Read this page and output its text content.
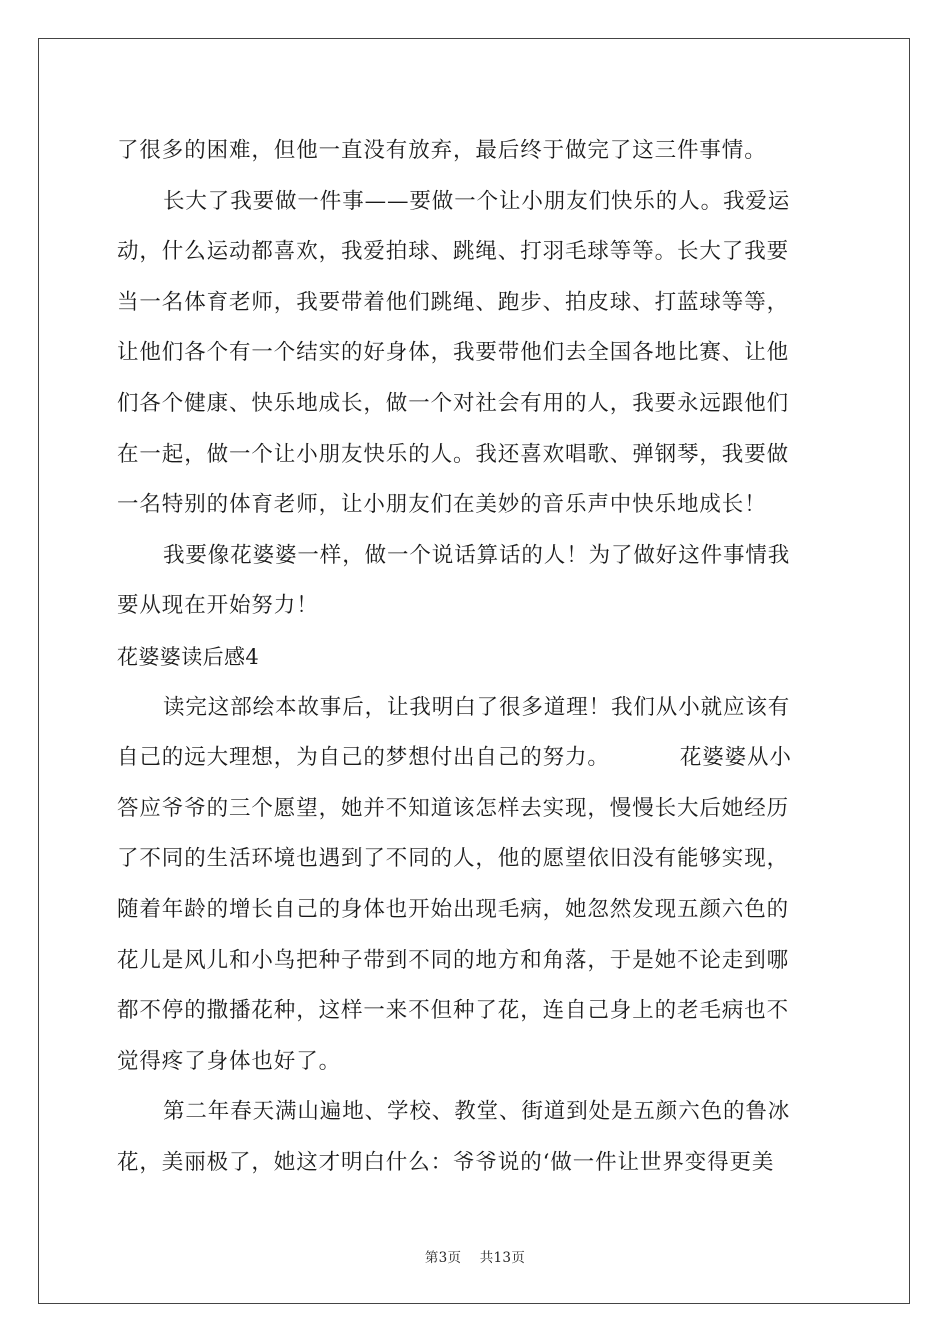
了很多的困难，但他一直没有放弃，最后终于做完了这三件事情。
长大了我要做一件事——要做一个让小朋友们快乐的人。我爱运
动，什么运动都喜欢，我爱拍球、跳绳、打羽毛球等等。长大了我要
当一名体育老师，我要带着他们跳绳、跑步、拍皮球、打蓝球等等，
让他们各个有一个结实的好身体，我要带他们去全国各地比赛、让他
们各个健康、快乐地成长，做一个对社会有用的人，我要永远跟他们
在一起，做一个让小朋友快乐的人。我还喜欢唱歌、弹钢琴，我要做
一名特别的体育老师，让小朋友们在美妙的音乐声中快乐地成长！
我要像花婆婆一样，做一个说话算话的人！为了做好这件事情我
要从现在开始努力！
花婆婆读后感4
读完这部绘本故事后，让我明白了很多道理！我们从小就应该有
自己的远大理想，为自己的梦想付出自己的努力。	花婆婆从小
答应爷爷的三个愿望，她并不知道该怎样去实现，慢慢长大后她经历
了不同的生活环境也遇到了不同的人，他的愿望依旧没有能够实现，
随着年龄的增长自己的身体也开始出现毛病，她忽然发现五颜六色的
花儿是风儿和小鸟把种子带到不同的地方和角落，于是她不论走到哪
都不停的撒播花种，这样一来不但种了花，连自己身上的老毛病也不
觉得疼了身体也好了。
第二年春天满山遍地、学校、教堂、街道到处是五颜六色的鲁冰
花，美丽极了，她这才明白什么：爷爷说的‘做一件让世界变得更美
第3页 共13页
